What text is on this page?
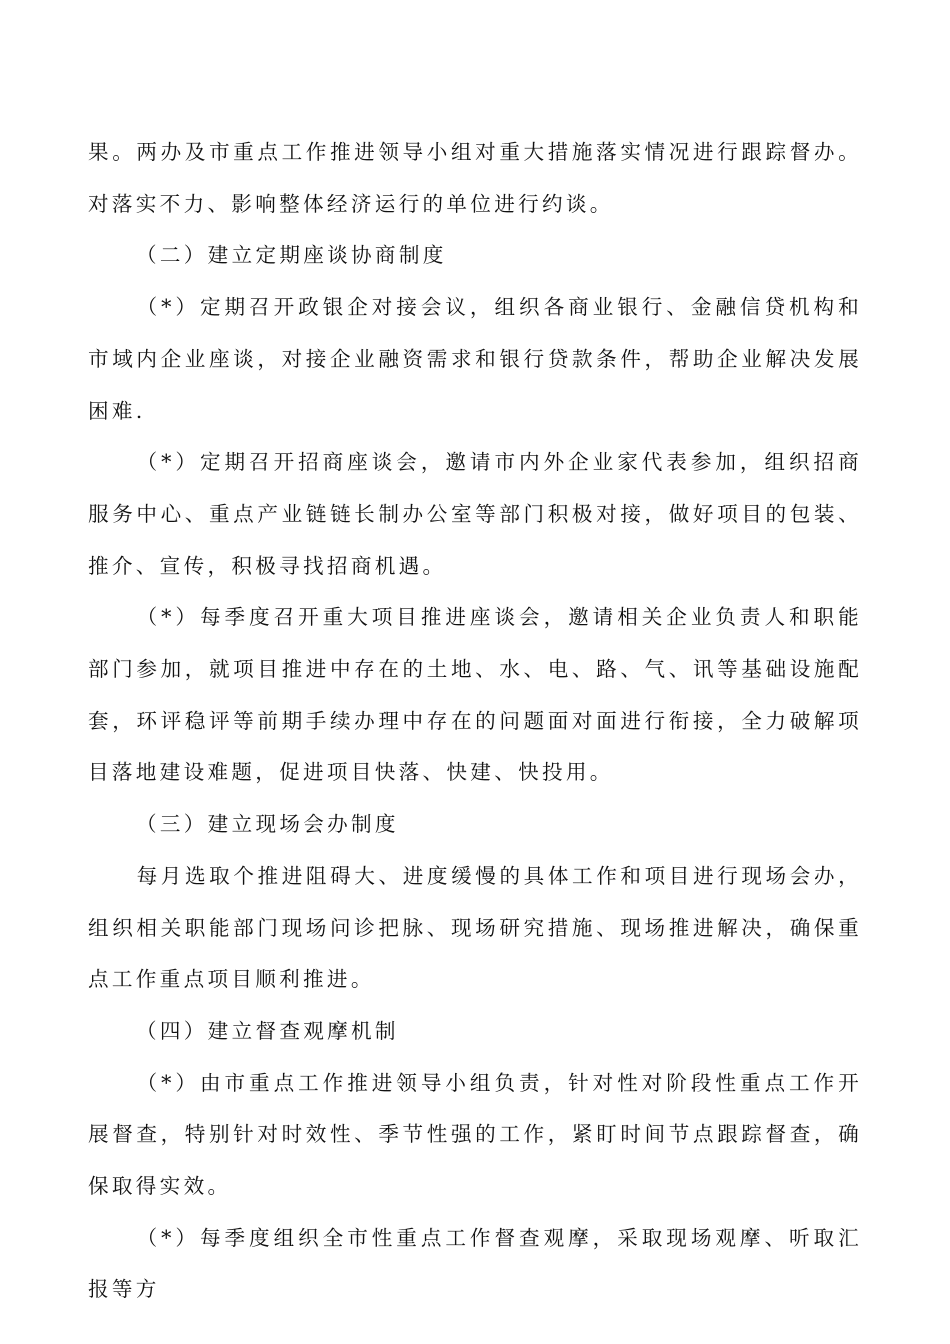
果。两办及市重点工作推进领导小组对重大措施落实情况进行跟踪督办。对落实不力、影响整体经济运行的单位进行约谈。

（二）建立定期座谈协商制度

（*）定期召开政银企对接会议，组织各商业银行、金融信贷机构和市域内企业座谈，对接企业融资需求和银行贷款条件，帮助企业解决发展困难.

（*）定期召开招商座谈会，邀请市内外企业家代表参加，组织招商服务中心、重点产业链链长制办公室等部门积极对接，做好项目的包装、推介、宣传，积极寻找招商机遇。

（*）每季度召开重大项目推进座谈会，邀请相关企业负责人和职能部门参加，就项目推进中存在的土地、水、电、路、气、讯等基础设施配套，环评稳评等前期手续办理中存在的问题面对面进行衔接，全力破解项目落地建设难题，促进项目快落、快建、快投用。

（三）建立现场会办制度

每月选取个推进阻碍大、进度缓慢的具体工作和项目进行现场会办，组织相关职能部门现场问诊把脉、现场研究措施、现场推进解决，确保重点工作重点项目顺利推进。

（四）建立督查观摩机制

（*）由市重点工作推进领导小组负责，针对性对阶段性重点工作开展督查，特别针对时效性、季节性强的工作，紧盯时间节点跟踪督查，确保取得实效。

（*）每季度组织全市性重点工作督查观摩，采取现场观摩、听取汇报等方
